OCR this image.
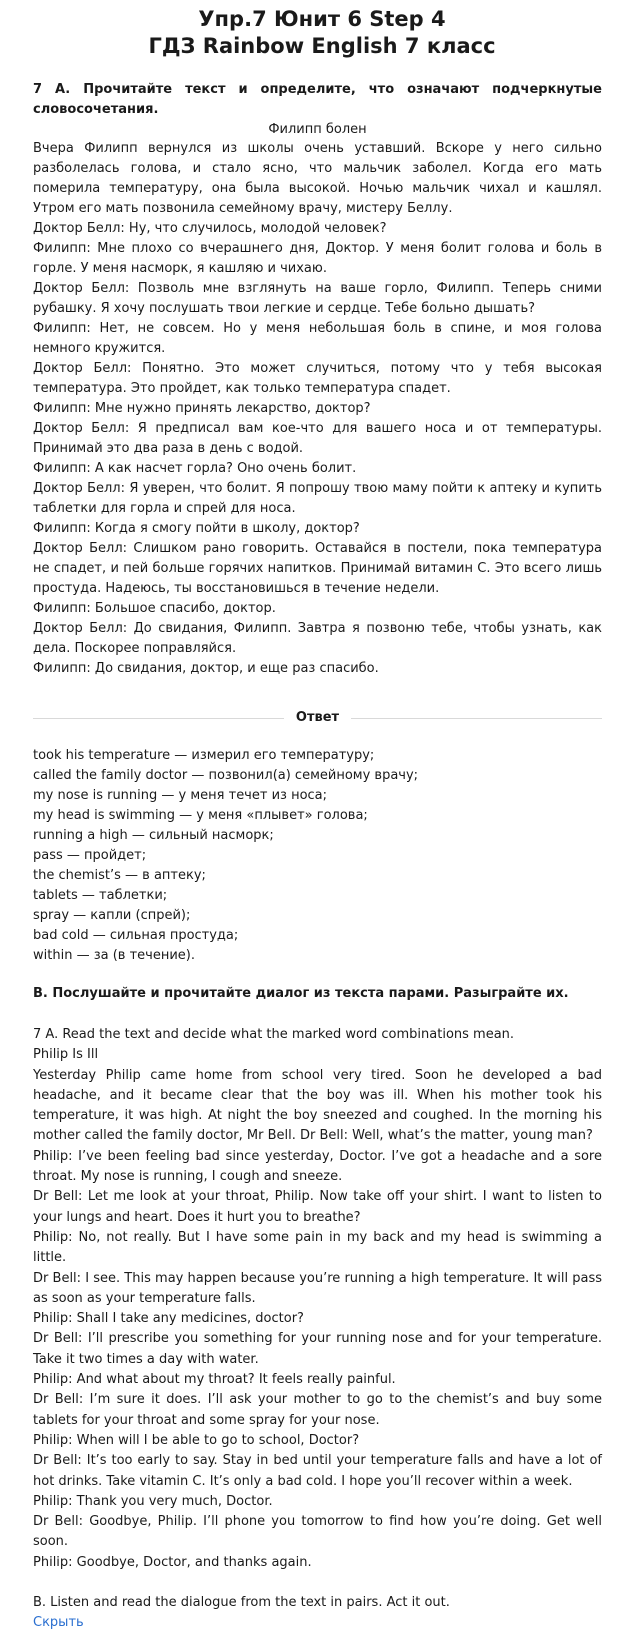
Упр.7 Юнит 6 Step 4
ГДЗ Rainbow English 7 класс
7 A. Прочитайте текст и определите, что означают подчеркнутые словосочетания.
Филипп болен

Вчера Филипп вернулся из школы очень уставший. Вскоре у него сильно разболелась голова, и стало ясно, что мальчик заболел. Когда его мать померила температуру, она была высокой. Ночью мальчик чихал и кашлял. Утром его мать позвонила семейному врачу, мистеру Беллу.

Доктор Белл: Ну, что случилось, молодой человек?

Филипп: Мне плохо со вчерашнего дня, Доктор. У меня болит голова и боль в горле. У меня насморк, я кашляю и чихаю.

Доктор Белл: Позволь мне взглянуть на ваше горло, Филипп. Теперь сними рубашку. Я хочу послушать твои легкие и сердце. Тебе больно дышать?

Филипп: Нет, не совсем. Но у меня небольшая боль в спине, и моя голова немного кружится.

Доктор Белл: Понятно. Это может случиться, потому что у тебя высокая температура. Это пройдет, как только температура спадет.

Филипп: Мне нужно принять лекарство, доктор?

Доктор Белл: Я предписал вам кое-что для вашего носа и от температуры. Принимай это два раза в день с водой.

Филипп: А как насчет горла? Оно очень болит.

Доктор Белл: Я уверен, что болит. Я попрошу твою маму пойти к аптеку и купить таблетки для горла и спрей для носа.

Филипп: Когда я смогу пойти в школу, доктор?

Доктор Белл: Слишком рано говорить. Оставайся в постели, пока температура не спадет, и пей больше горячих напитков. Принимай витамин С. Это всего лишь простуда. Надеюсь, ты восстановишься в течение недели.

Филипп: Большое спасибо, доктор.

Доктор Белл: До свидания, Филипп. Завтра я позвоню тебе, чтобы узнать, как дела. Поскорее поправляйся.

Филипп: До свидания, доктор, и еще раз спасибо.

Ответ

took his temperature — измерил его температуру;

called the family doctor — позвонил(а) семейному врачу;

my nose is running — у меня течет из носа;

my head is swimming — у меня «плывет» голова;

running a high — сильный насморк;

pass — пройдет;

the chemist’s — в аптеку;

tablets — таблетки;

spray — капли (спрей);

bad cold — сильная простуда;

within — за (в течение).

B. Послушайте и прочитайте диалог из текста парами. Разыграйте их.

7 A. Read the text and decide what the marked word combinations mean.

Philip Is Ill

Yesterday Philip came home from school very tired. Soon he developed a bad headache, and it became clear that the boy was ill. When his mother took his temperature, it was high. At night the boy sneezed and coughed. In the morning his mother called the family doctor, Mr Bell. Dr Bell: Well, what’s the matter, young man?

Philip: I’ve been feeling bad since yesterday, Doctor. I’ve got a headache and a sore throat. My nose is running, I cough and sneeze.

Dr Bell: Let me look at your throat, Philip. Now take off your shirt. I want to listen to your lungs and heart. Does it hurt you to breathe?

Philip: No, not really. But I have some pain in my back and my head is swimming a little.

Dr Bell: I see. This may happen because you’re running a high temperature. It will pass as soon as your temperature falls.

Philip: Shall I take any medicines, doctor?

Dr Bell: I’ll prescribe you something for your running nose and for your temperature. Take it two times a day with water.

Philip: And what about my throat? It feels really painful.

Dr Bell: I’m sure it does. I’ll ask your mother to go to the chemist’s and buy some tablets for your throat and some spray for your nose.

Philip: When will I be able to go to school, Doctor?

Dr Bell: It’s too early to say. Stay in bed until your temperature falls and have a lot of hot drinks. Take vitamin C. It’s only a bad cold. I hope you’ll recover within a week.

Philip: Thank you very much, Doctor.

Dr Bell: Goodbye, Philip. I’ll phone you tomorrow to find how you’re doing. Get well soon.

Philip: Goodbye, Doctor, and thanks again.

B. Listen and read the dialogue from the text in pairs. Act it out.
Скрыть
